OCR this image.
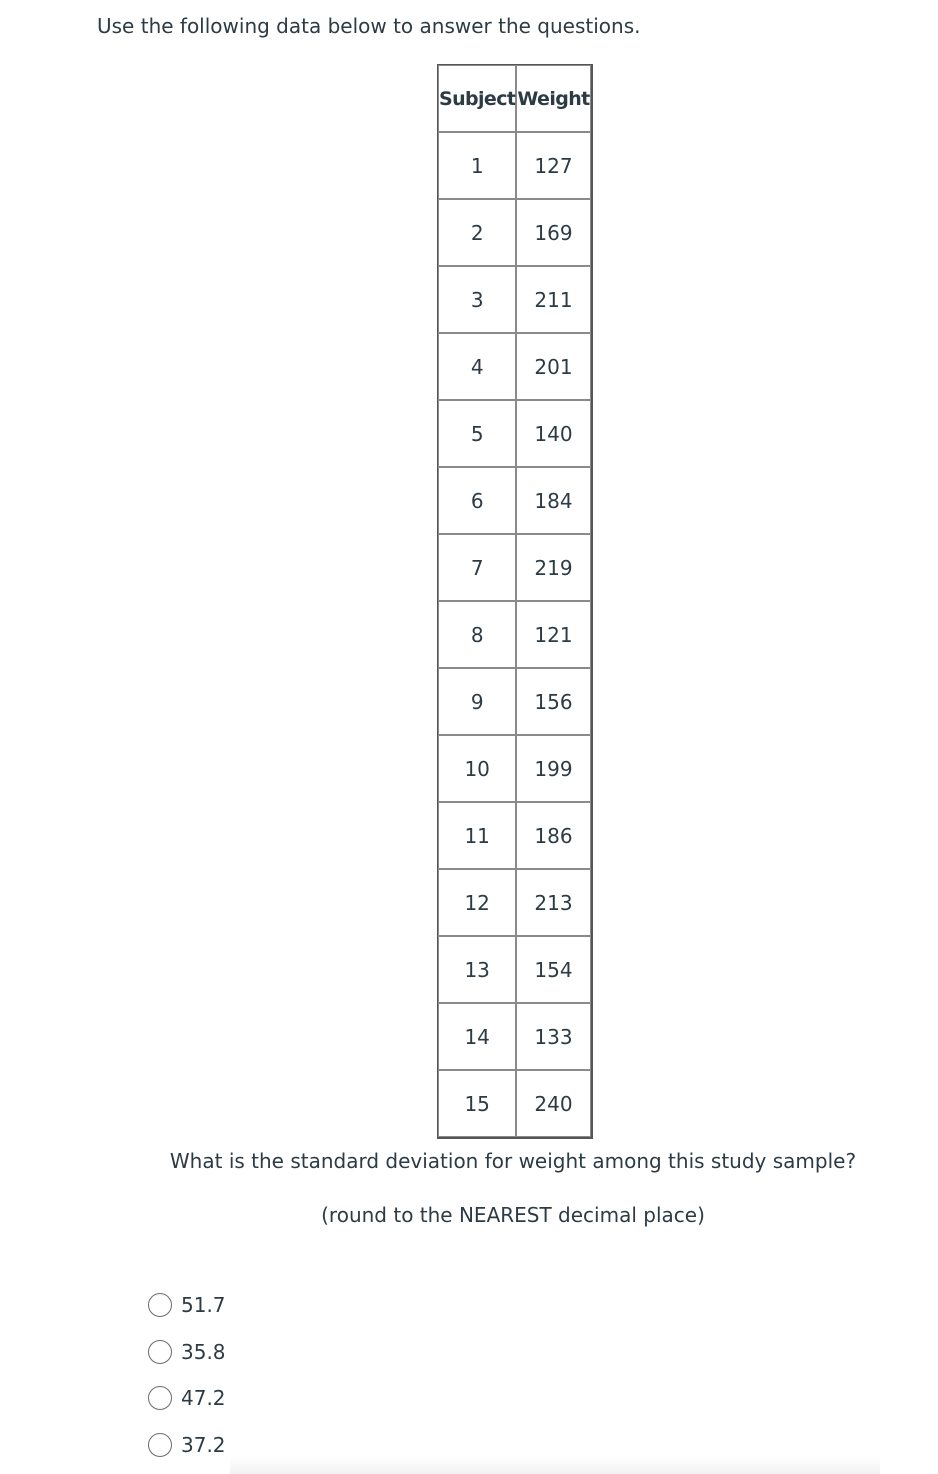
Use the following data below to answer the questions.
Subject	Weight
1	127
2	169
3	211
4	201
5	140
6	184
7	219
8	121
9	156
10	199
11	186
12	213
13	154
14	133
15	240
What is the standard deviation for weight among this study sample?
(round to the NEAREST decimal place)
51.7
35.8
47.2
37.2
